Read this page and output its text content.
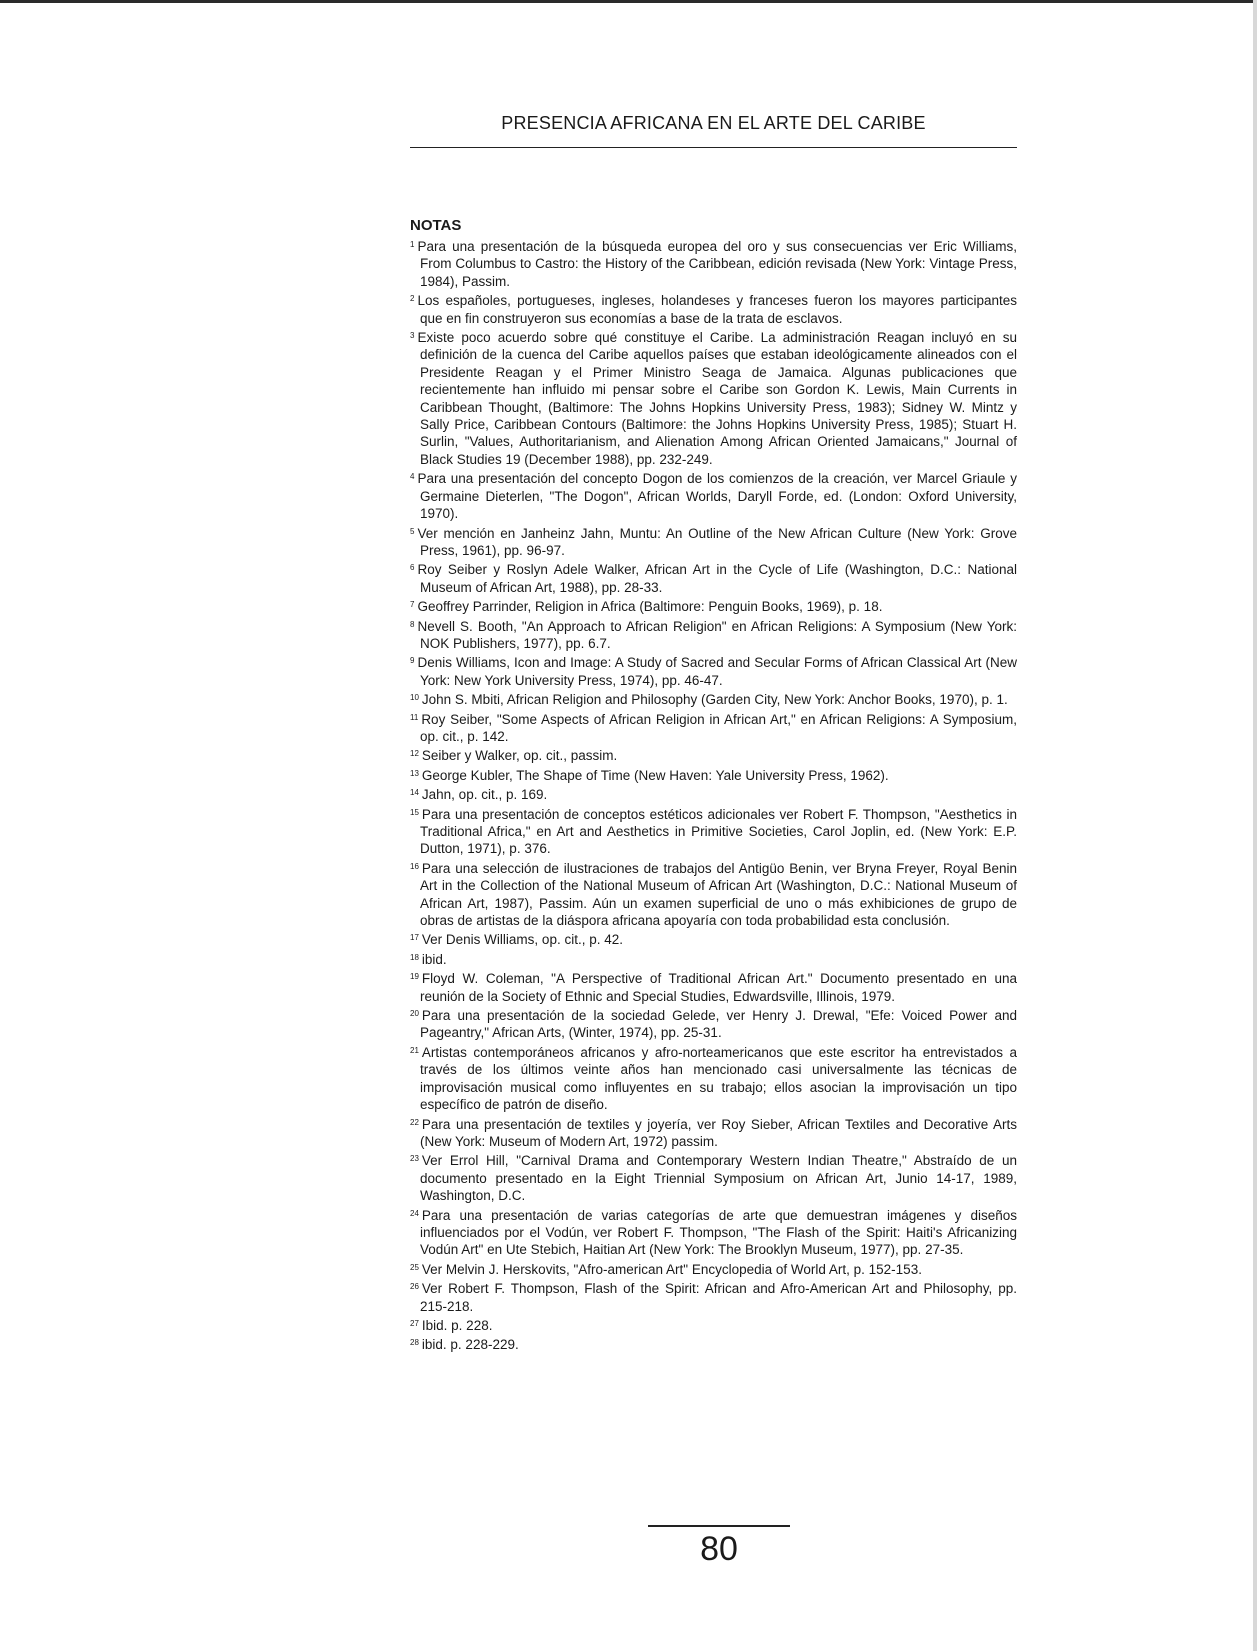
PRESENCIA AFRICANA EN EL ARTE DEL CARIBE
NOTAS

$^1$ Para una presentación de la búsqueda europea del oro y sus consecuencias ver Eric Williams, From Columbus to Castro: the History of the Caribbean, edición revisada (New York: Vintage Press, 1984), Passim.

$^2$ Los españoles, portugueses, ingleses, holandeses y franceses fueron los mayores participantes que en fin construyeron sus economías a base de la trata de esclavos.

$^3$ Existe poco acuerdo sobre qué constituye el Caribe. La administración Reagan incluyó en su definición de la cuenca del Caribe aquellos países que estaban ideológicamente alineados con el Presidente Reagan y el Primer Ministro Seaga de Jamaica. Algunas publicaciones que recientemente han influido mi pensar sobre el Caribe son Gordon K. Lewis, Main Currents in Caribbean Thought, (Baltimore: The Johns Hopkins University Press, 1983); Sidney W. Mintz y Sally Price, Caribbean Contours (Baltimore: the Johns Hopkins University Press, 1985); Stuart H. Surlin, "Values, Authoritarianism, and Alienation Among African Oriented Jamaicans," Journal of Black Studies 19 (December 1988), pp. 232-249.

$^4$ Para una presentación del concepto Dogon de los comienzos de la creación, ver Marcel Griaule y Germaine Dieterlen, "The Dogon", African Worlds, Daryll Forde, ed. (London: Oxford University, 1970).

$^5$ Ver mención en Janheinz Jahn, Muntu: An Outline of the New African Culture (New York: Grove Press, 1961), pp. 96-97.

$^6$ Roy Seiber y Roslyn Adele Walker, African Art in the Cycle of Life (Washington, D.C.: National Museum of African Art, 1988), pp. 28-33.

$^7$ Geoffrey Parrinder, Religion in Africa (Baltimore: Penguin Books, 1969), p. 18.

$^8$ Nevell S. Booth, "An Approach to African Religion" en African Religions: A Symposium (New York: NOK Publishers, 1977), pp. 6.7.

$^9$ Denis Williams, Icon and Image: A Study of Sacred and Secular Forms of African Classical Art (New York: New York University Press, 1974), pp. 46-47.

$^{10}$ John S. Mbiti, African Religion and Philosophy (Garden City, New York: Anchor Books, 1970), p. 1.

$^{11}$ Roy Seiber, "Some Aspects of African Religion in African Art," en African Religions: A Symposium, op. cit., p. 142.

$^{12}$ Seiber y Walker, op. cit., passim.

$^{13}$ George Kubler, The Shape of Time (New Haven: Yale University Press, 1962).

$^{14}$ Jahn, op. cit., p. 169.

$^{15}$ Para una presentación de conceptos estéticos adicionales ver Robert F. Thompson, "Aesthetics in Traditional Africa," en Art and Aesthetics in Primitive Societies, Carol Joplin, ed. (New York: E.P. Dutton, 1971), p. 376.

$^{16}$ Para una selección de ilustraciones de trabajos del Antigüo Benin, ver Bryna Freyer, Royal Benin Art in the Collection of the National Museum of African Art (Washington, D.C.: National Museum of African Art, 1987), Passim. Aún un examen superficial de uno o más exhibiciones de grupo de obras de artistas de la diáspora africana apoyaría con toda probabilidad esta conclusión.

$^{17}$ Ver Denis Williams, op. cit., p. 42.

$^{18}$ ibid.

$^{19}$ Floyd W. Coleman, "A Perspective of Traditional African Art." Documento presentado en una reunión de la Society of Ethnic and Special Studies, Edwardsville, Illinois, 1979.

$^{20}$ Para una presentación de la sociedad Gelede, ver Henry J. Drewal, "Efe: Voiced Power and Pageantry," African Arts, (Winter, 1974), pp. 25-31.

$^{21}$ Artistas contemporáneos africanos y afro-norteamericanos que este escritor ha entrevistados a través de los últimos veinte años han mencionado casi universalmente las técnicas de improvisación musical como influyentes en su trabajo; ellos asocian la improvisación un tipo específico de patrón de diseño.

$^{22}$ Para una presentación de textiles y joyería, ver Roy Sieber, African Textiles and Decorative Arts (New York: Museum of Modern Art, 1972) passim.

$^{23}$ Ver Errol Hill, "Carnival Drama and Contemporary Western Indian Theatre," Abstraído de un documento presentado en la Eight Triennial Symposium on African Art, Junio 14-17, 1989, Washington, D.C.

$^{24}$ Para una presentación de varias categorías de arte que demuestran imágenes y diseños influenciados por el Vodún, ver Robert F. Thompson, "The Flash of the Spirit: Haiti's Africanizing Vodún Art" en Ute Stebich, Haitian Art (New York: The Brooklyn Museum, 1977), pp. 27-35.

$^{25}$ Ver Melvin J. Herskovits, "Afro-american Art" Encyclopedia of World Art, p. 152-153.

$^{26}$ Ver Robert F. Thompson, Flash of the Spirit: African and Afro-American Art and Philosophy, pp. 215-218.

$^{27}$ Ibid. p. 228.

$^{28}$ ibid. p. 228-229.

80
